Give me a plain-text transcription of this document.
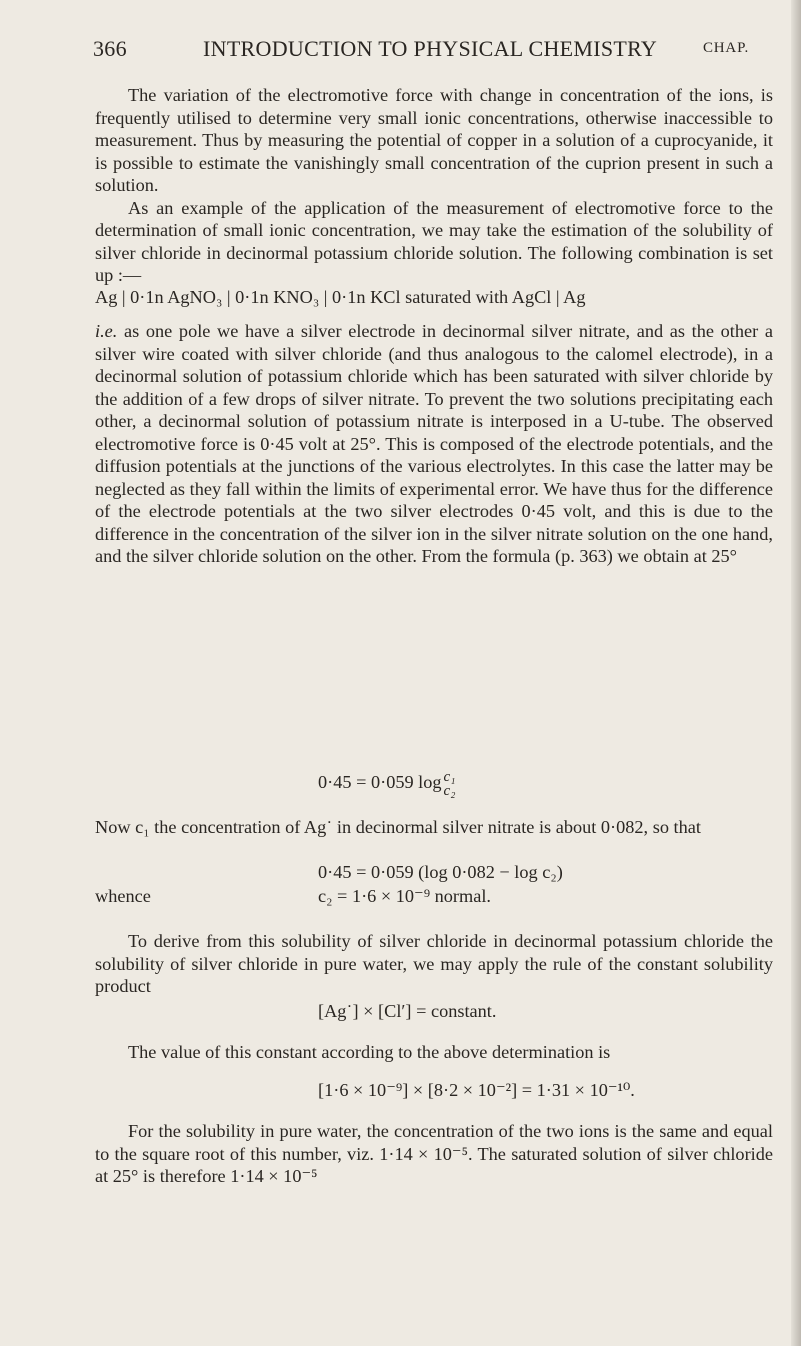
366	INTRODUCTION TO PHYSICAL CHEMISTRY	CHAP.

The variation of the electromotive force with change in concentration of the ions, is frequently utilised to determine very small ionic concentrations, otherwise inaccessible to measurement. Thus by measuring the potential of copper in a solution of a cuprocyanide, it is possible to estimate the vanishingly small concentration of the cuprion present in such a solution.

As an example of the application of the measurement of electromotive force to the determination of small ionic concentration, we may take the estimation of the solubility of silver chloride in decinormal potassium chloride solution. The following combination is set up :—

Ag | 0·1n AgNO₃ | 0·1n KNO₃ | 0·1n KCl saturated with AgCl | Ag

i.e. as one pole we have a silver electrode in decinormal silver nitrate, and as the other a silver wire coated with silver chloride (and thus analogous to the calomel electrode), in a decinormal solution of potassium chloride which has been saturated with silver chloride by the addition of a few drops of silver nitrate. To prevent the two solutions precipitating each other, a decinormal solution of potassium nitrate is interposed in a U-tube. The observed electromotive force is 0·45 volt at 25°. This is composed of the electrode potentials, and the diffusion potentials at the junctions of the various electrolytes. In this case the latter may be neglected as they fall within the limits of experimental error. We have thus for the difference of the electrode potentials at the two silver electrodes 0·45 volt, and this is due to the difference in the concentration of the silver ion in the silver nitrate solution on the one hand, and the silver chloride solution on the other. From the formula (p. 363) we obtain at 25°

0·45 = 0·059 log c₁
c₂

Now c₁ the concentration of Ag˙ in decinormal silver nitrate is about 0·082, so that

0·45 = 0·059 (log 0·082 − log c₂)
whence	c₂ = 1·6 × 10⁻⁹ normal.

To derive from this solubility of silver chloride in decinormal potassium chloride the solubility of silver chloride in pure water, we may apply the rule of the constant solubility product

[Ag˙] × [Cl′] = constant.

The value of this constant according to the above determination is

[1·6 × 10⁻⁹] × [8·2 × 10⁻²] = 1·31 × 10⁻¹⁰.

For the solubility in pure water, the concentration of the two ions is the same and equal to the square root of this number, viz. 1·14 × 10⁻⁵. The saturated solution of silver chloride at 25° is therefore 1·14 × 10⁻⁵
